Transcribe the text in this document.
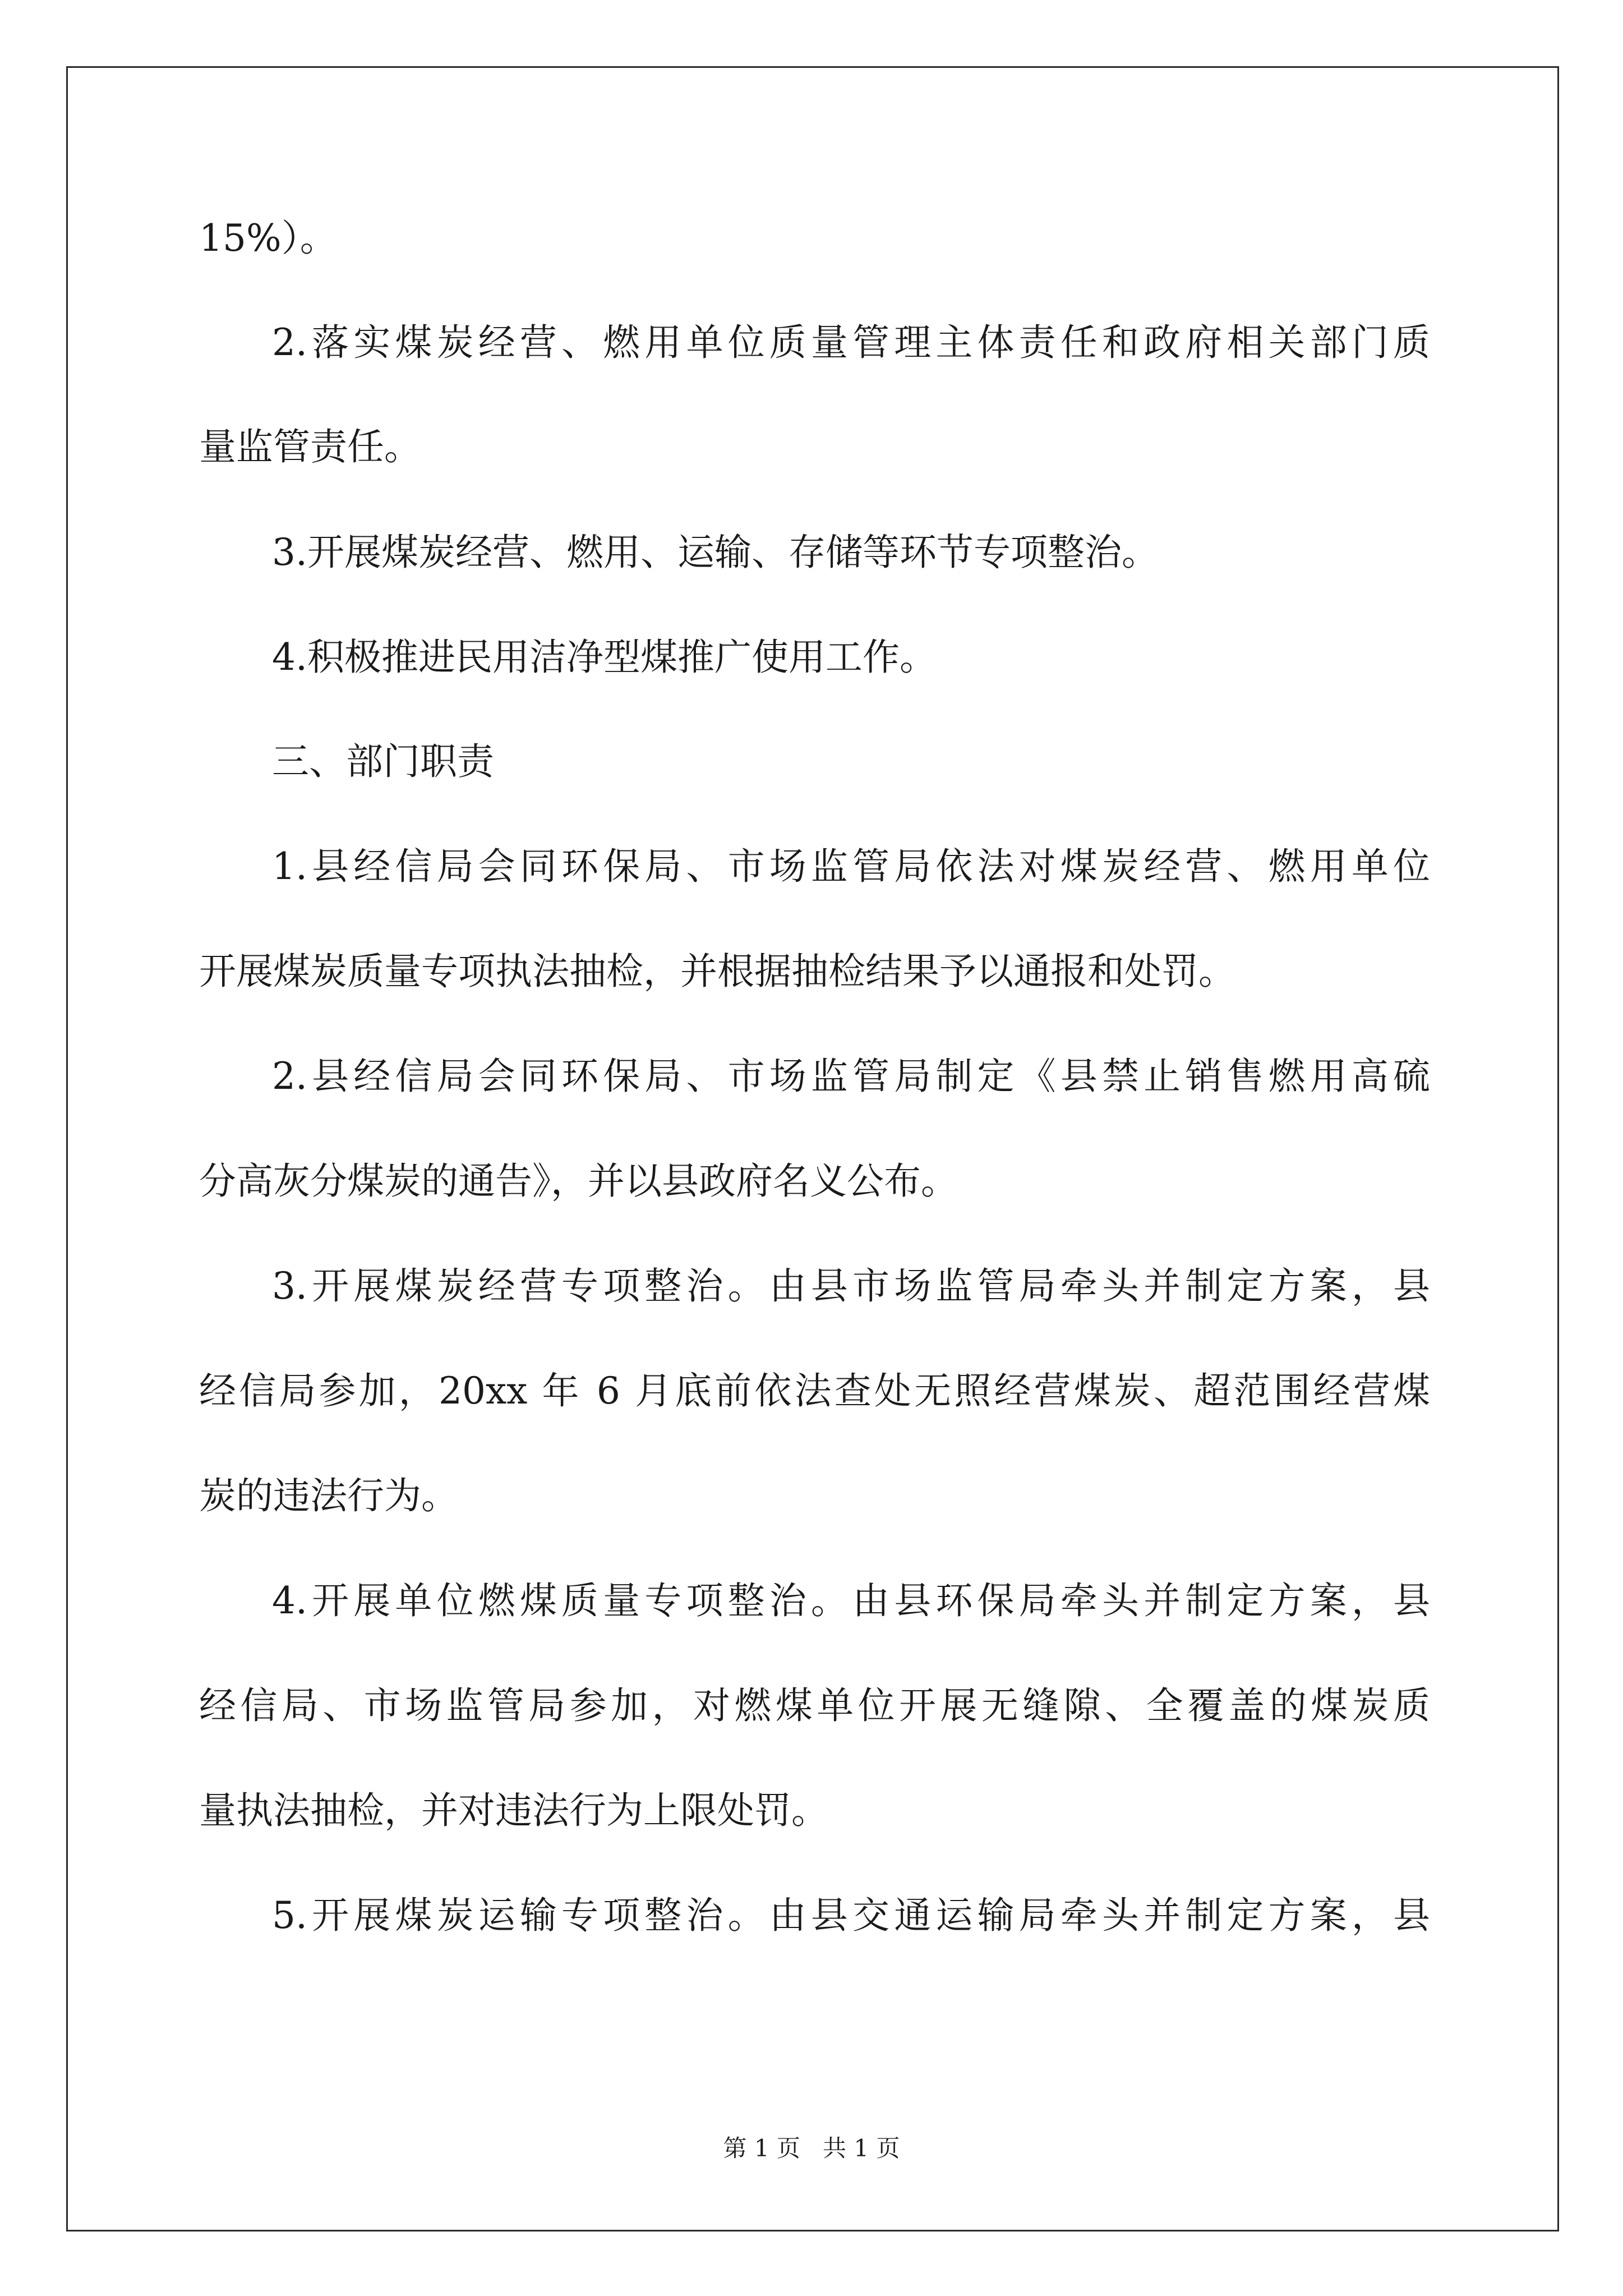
15%）。
2.落实煤炭经营、燃用单位质量管理主体责任和政府相关部门质
量监管责任。
3.开展煤炭经营、燃用、运输、存储等环节专项整治。
4.积极推进民用洁净型煤推广使用工作。
三、部门职责
1.县经信局会同环保局、市场监管局依法对煤炭经营、燃用单位
开展煤炭质量专项执法抽检，并根据抽检结果予以通报和处罚。
2.县经信局会同环保局、市场监管局制定《县禁止销售燃用高硫
分高灰分煤炭的通告》，并以县政府名义公布。
3.开展煤炭经营专项整治。由县市场监管局牵头并制定方案，县
经信局参加，20xx 年 6 月底前依法查处无照经营煤炭、超范围经营煤
炭的违法行为。
4.开展单位燃煤质量专项整治。由县环保局牵头并制定方案，县
经信局、市场监管局参加，对燃煤单位开展无缝隙、全覆盖的煤炭质
量执法抽检，并对违法行为上限处罚。
5.开展煤炭运输专项整治。由县交通运输局牵头并制定方案，县
第 1 页   共 1 页
